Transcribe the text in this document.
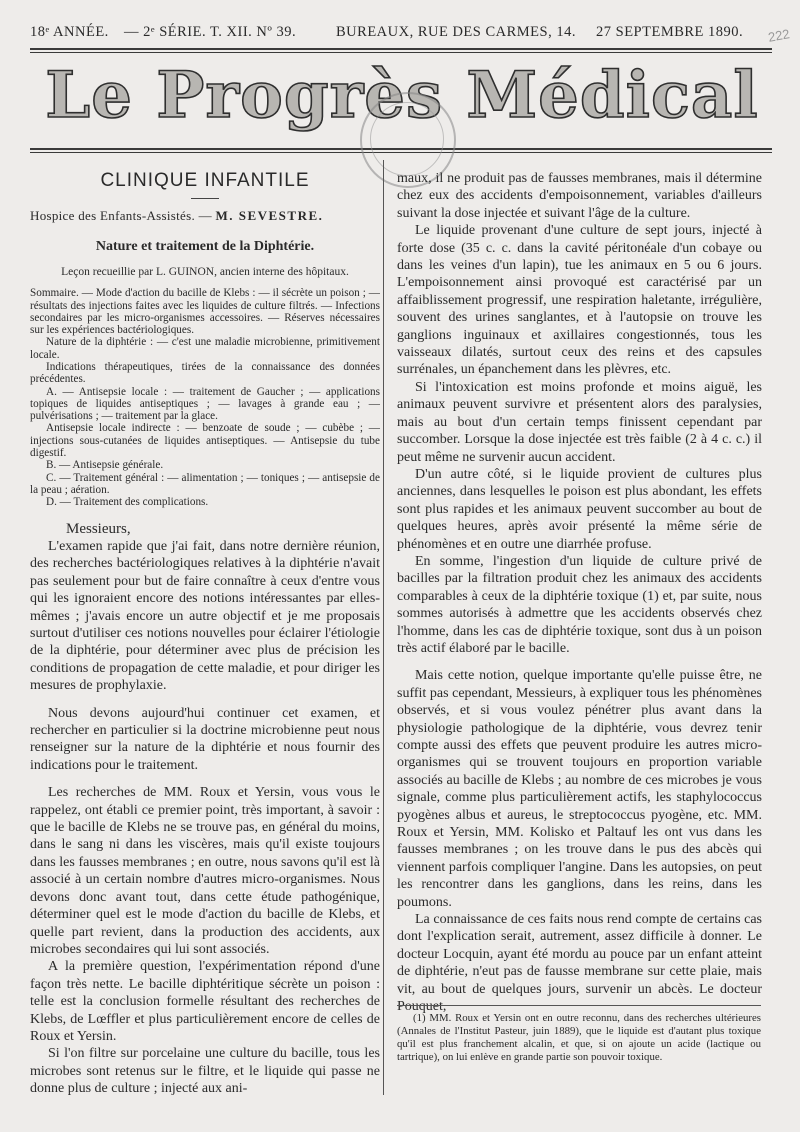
18ᵉ ANNÉE. — 2ᵉ SÉRIE. T. XII. Nº 39.	BUREAUX, RUE DES CARMES, 14. 27 SEPTEMBRE 1890. 222
Le Progrès Médical
CLINIQUE INFANTILE
Hospice des Enfants-Assistés. — M. SEVESTRE.
Nature et traitement de la Diphtérie.
Leçon recueillie par L. GUINON, ancien interne des hôpitaux.
Sommaire. — Mode d'action du bacille de Klebs : — il sécrète un poison ; — résultats des injections faites avec les liquides de culture filtrés. — Infections secondaires par les micro-organismes accessoires. — Réserves nécessaires sur les expériences bactériologiques.
Nature de la diphtérie : — c'est une maladie microbienne, primitivement locale.
Indications thérapeutiques, tirées de la connaissance des données précédentes.
A. — Antisepsie locale : — traitement de Gaucher ; — applications topiques de liquides antiseptiques ; — lavages à grande eau ; — pulvérisations ; — traitement par la glace.
Antisepsie locale indirecte : — benzoate de soude ; — cubèbe ; — injections sous-cutanées de liquides antiseptiques. — Antisepsie du tube digestif.
B. — Antisepsie générale.
C. — Traitement général : — alimentation ; — toniques ; — antisepsie de la peau ; aération.
D. — Traitement des complications.

Messieurs,

L'examen rapide que j'ai fait, dans notre dernière réunion, des recherches bactériologiques relatives à la diphtérie n'avait pas seulement pour but de faire connaître à ceux d'entre vous qui les ignoraient encore des notions intéressantes par elles-mêmes ; j'avais encore un autre objectif et je me proposais surtout d'utiliser ces notions nouvelles pour éclairer l'étiologie de la diphtérie, pour déterminer avec plus de précision les conditions de propagation de cette maladie, et pour diriger les mesures de prophylaxie.

Nous devons aujourd'hui continuer cet examen, et rechercher en particulier si la doctrine microbienne peut nous renseigner sur la nature de la diphtérie et nous fournir des indications pour le traitement.

Les recherches de MM. Roux et Yersin, vous vous le rappelez, ont établi ce premier point, très important, à savoir : que le bacille de Klebs ne se trouve pas, en général du moins, dans le sang ni dans les viscères, mais qu'il existe toujours dans les fausses membranes ; en outre, nous savons qu'il est là associé à un certain nombre d'autres micro-organismes. Nous devons donc avant tout, dans cette étude pathogénique, déterminer quel est le mode d'action du bacille de Klebs, et quelle part revient, dans la production des accidents, aux microbes secondaires qui lui sont associés.

A la première question, l'expérimentation répond d'une façon très nette. Le bacille diphtéritique sécrète un poison : telle est la conclusion formelle résultant des recherches de Klebs, de Lœffler et plus particulièrement encore de celles de Roux et Yersin.

Si l'on filtre sur porcelaine une culture du bacille, tous les microbes sont retenus sur le filtre, et le liquide qui passe ne donne plus de culture ; injecté aux ani-

maux, il ne produit pas de fausses membranes, mais il détermine chez eux des accidents d'empoisonnement, variables d'ailleurs suivant la dose injectée et suivant l'âge de la culture.

Le liquide provenant d'une culture de sept jours, injecté à forte dose (35 c. c. dans la cavité péritonéale d'un cobaye ou dans les veines d'un lapin), tue les animaux en 5 ou 6 jours. L'empoisonnement ainsi provoqué est caractérisé par un affaiblissement progressif, une respiration haletante, irrégulière, souvent des urines sanglantes, et à l'autopsie on trouve les ganglions inguinaux et axillaires congestionnés, tous les vaisseaux dilatés, surtout ceux des reins et des capsules surrénales, un épanchement dans les plèvres, etc.

Si l'intoxication est moins profonde et moins aiguë, les animaux peuvent survivre et présentent alors des paralysies, mais au bout d'un certain temps finissent cependant par succomber. Lorsque la dose injectée est très faible (2 à 4 c. c.) il peut même ne survenir aucun accident.

D'un autre côté, si le liquide provient de cultures plus anciennes, dans lesquelles le poison est plus abondant, les effets sont plus rapides et les animaux peuvent succomber au bout de quelques heures, après avoir présenté la même série de phénomènes et en outre une diarrhée profuse.

En somme, l'ingestion d'un liquide de culture privé de bacilles par la filtration produit chez les animaux des accidents comparables à ceux de la diphtérie toxique (1) et, par suite, nous sommes autorisés à admettre que les accidents observés chez l'homme, dans les cas de diphtérie toxique, sont dus à un poison très actif élaboré par le bacille.

Mais cette notion, quelque importante qu'elle puisse être, ne suffit pas cependant, Messieurs, à expliquer tous les phénomènes observés, et si vous voulez pénétrer plus avant dans la physiologie pathologique de la diphtérie, vous devrez tenir compte aussi des effets que peuvent produire les autres micro-organismes qui se trouvent toujours en proportion variable associés au bacille de Klebs ; au nombre de ces microbes je vous signale, comme plus particulièrement actifs, les staphylococcus pyogènes albus et aureus, le streptococcus pyogène, etc. MM. Roux et Yersin, MM. Kolisko et Paltauf les ont vus dans les fausses membranes ; on les trouve dans le pus des abcès qui viennent parfois compliquer l'angine. Dans les autopsies, on peut les rencontrer dans les ganglions, dans les reins, dans les poumons.

La connaissance de ces faits nous rend compte de certains cas dont l'explication serait, autrement, assez difficile à donner. Le docteur Locquin, ayant été mordu au pouce par un enfant atteint de diphtérie, n'eut pas de fausse membrane sur cette plaie, mais vit, au bout de quelques jours, survenir un abcès. Le docteur Pouquet,

(1) MM. Roux et Yersin ont en outre reconnu, dans des recherches ultérieures (Annales de l'Institut Pasteur, juin 1889), que le liquide est d'autant plus toxique qu'il est plus franchement alcalin, et que, si on ajoute un acide (lactique ou tartrique), on lui enlève en grande partie son pouvoir toxique.
